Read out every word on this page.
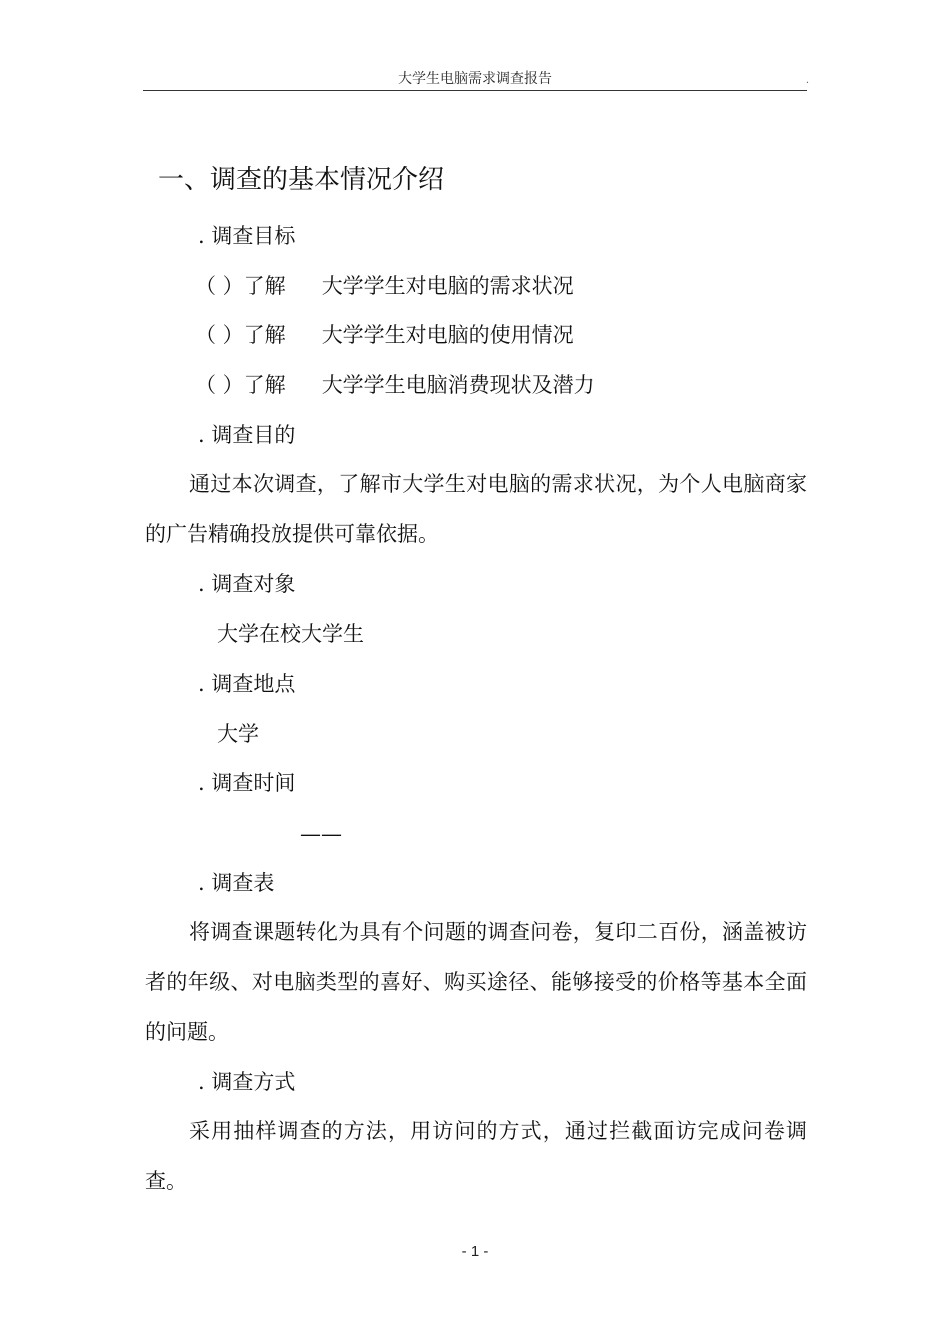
大学生电脑需求调查报告	.
一、调查的基本情况介绍
. 调查目标
（ ）了解 大学学生对电脑的需求状况
（ ）了解 大学学生对电脑的使用情况
（ ）了解 大学学生电脑消费现状及潜力
. 调查目的
通过本次调查，了解市大学生对电脑的需求状况，为个人电脑商家的广告精确投放提供可靠依据。
. 调查对象
大学在校大学生
. 调查地点
大学
. 调查时间
——
. 调查表
将调查课题转化为具有个问题的调查问卷，复印二百份，涵盖被访者的年级、对电脑类型的喜好、购买途径、能够接受的价格等基本全面的问题。
. 调查方式
采用抽样调查的方法，用访问的方式，通过拦截面访完成问卷调查。
- 1 -
